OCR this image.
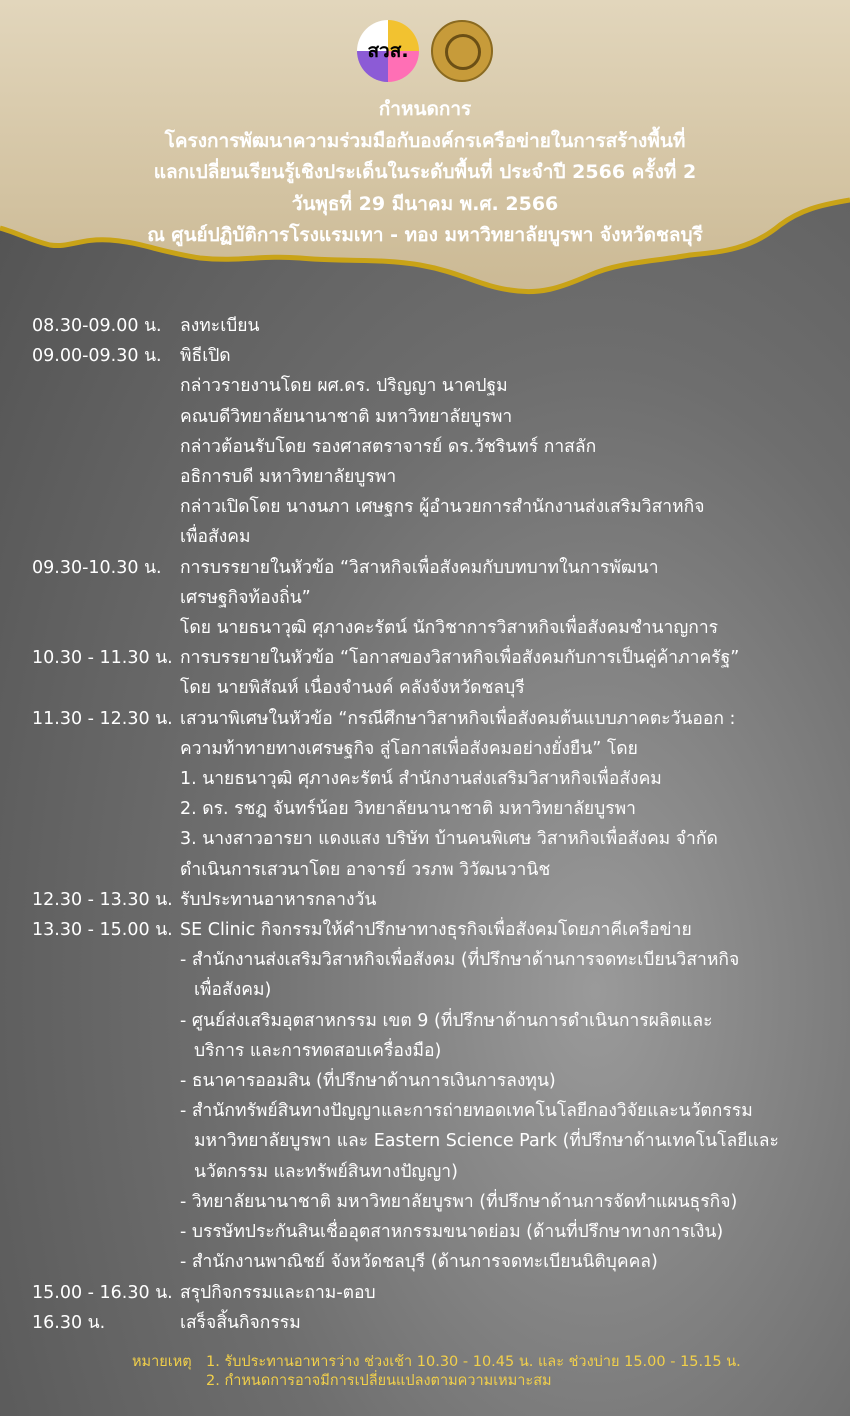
สวส.
กำหนดการ
โครงการพัฒนาความร่วมมือกับองค์กรเครือข่ายในการสร้างพื้นที่
แลกเปลี่ยนเรียนรู้เชิงประเด็นในระดับพื้นที่ ประจำปี 2566 ครั้งที่ 2
วันพุธที่ 29 มีนาคม พ.ศ. 2566
ณ ศูนย์ปฏิบัติการโรงแรมเทา - ทอง มหาวิทยาลัยบูรพา จังหวัดชลบุรี
08.30-09.00 น.	ลงทะเบียน
09.00-09.30 น.	พิธีเปิด
กล่าวรายงานโดย ผศ.ดร. ปริญญา นาคปฐม
คณบดีวิทยาลัยนานาชาติ มหาวิทยาลัยบูรพา
กล่าวต้อนรับโดย รองศาสตราจารย์ ดร.วัชรินทร์ กาสลัก
อธิการบดี มหาวิทยาลัยบูรพา
กล่าวเปิดโดย นางนภา เศษฐกร ผู้อำนวยการสำนักงานส่งเสริมวิสาหกิจ
เพื่อสังคม
09.30-10.30 น.	การบรรยายในหัวข้อ “วิสาหกิจเพื่อสังคมกับบทบาทในการพัฒนา
เศรษฐกิจท้องถิ่น”
โดย นายธนาวุฒิ ศุภางคะรัตน์ นักวิชาการวิสาหกิจเพื่อสังคมชำนาญการ
10.30 - 11.30 น. การบรรยายในหัวข้อ “โอกาสของวิสาหกิจเพื่อสังคมกับการเป็นคู่ค้าภาครัฐ”
โดย นายพิสัณห์ เนื่องจำนงค์ คลังจังหวัดชลบุรี
11.30 - 12.30 น. เสวนาพิเศษในหัวข้อ “กรณีศึกษาวิสาหกิจเพื่อสังคมต้นแบบภาคตะวันออก :
ความท้าทายทางเศรษฐกิจ สู่โอกาสเพื่อสังคมอย่างยั่งยืน” โดย
1. นายธนาวุฒิ ศุภางคะรัตน์ สำนักงานส่งเสริมวิสาหกิจเพื่อสังคม
2. ดร. รชฎ จันทร์น้อย วิทยาลัยนานาชาติ มหาวิทยาลัยบูรพา
3. นางสาวอารยา แดงแสง บริษัท บ้านคนพิเศษ วิสาหกิจเพื่อสังคม จำกัด
ดำเนินการเสวนาโดย อาจารย์ วรภพ วิวัฒนวานิช
12.30 - 13.30 น. รับประทานอาหารกลางวัน
13.30 - 15.00 น. SE Clinic กิจกรรมให้คำปรึกษาทางธุรกิจเพื่อสังคมโดยภาคีเครือข่าย
- สำนักงานส่งเสริมวิสาหกิจเพื่อสังคม (ที่ปรึกษาด้านการจดทะเบียนวิสาหกิจ
เพื่อสังคม)
- ศูนย์ส่งเสริมอุตสาหกรรม เขต 9 (ที่ปรึกษาด้านการดำเนินการผลิตและ
บริการ และการทดสอบเครื่องมือ)
- ธนาคารออมสิน (ที่ปรึกษาด้านการเงินการลงทุน)
- สำนักทรัพย์สินทางปัญญาและการถ่ายทอดเทคโนโลยีกองวิจัยและนวัตกรรม
มหาวิทยาลัยบูรพา และ Eastern Science Park (ที่ปรึกษาด้านเทคโนโลยีและ
นวัตกรรม และทรัพย์สินทางปัญญา)
- วิทยาลัยนานาชาติ มหาวิทยาลัยบูรพา (ที่ปรึกษาด้านการจัดทำแผนธุรกิจ)
- บรรษัทประกันสินเชื่ออุตสาหกรรมขนาดย่อม (ด้านที่ปรึกษาทางการเงิน)
- สำนักงานพาณิชย์ จังหวัดชลบุรี (ด้านการจดทะเบียนนิติบุคคล)
15.00 - 16.30 น. สรุปกิจกรรมและถาม-ตอบ
16.30 น.	เสร็จสิ้นกิจกรรม
หมายเหตุ 1. รับประทานอาหารว่าง ช่วงเช้า 10.30 - 10.45 น. และ ช่วงบ่าย 15.00 - 15.15 น.
2. กำหนดการอาจมีการเปลี่ยนแปลงตามความเหมาะสม
